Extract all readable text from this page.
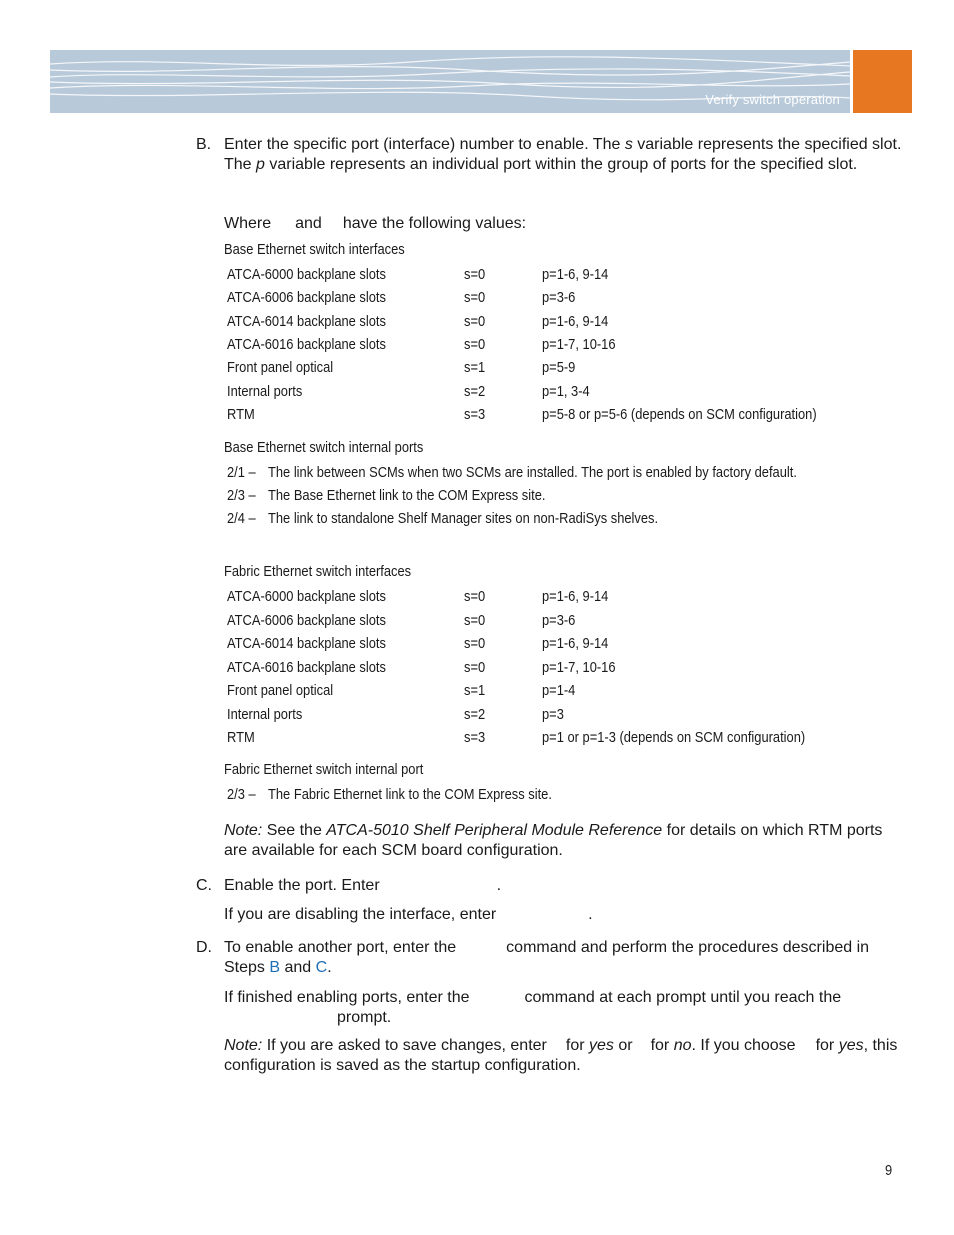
Verify switch operation
B. Enter the specific port (interface) number to enable. The s variable represents the specified slot. The p variable represents an individual port within the group of ports for the specified slot.
Where and have the following values:
Base Ethernet switch interfaces
ATCA-6000 backplane slots	s=0	p=1-6, 9-14
ATCA-6006 backplane slots	s=0	p=3-6
ATCA-6014 backplane slots	s=0	p=1-6, 9-14
ATCA-6016 backplane slots	s=0	p=1-7, 10-16
Front panel optical	s=1	p=5-9
Internal ports	s=2	p=1, 3-4
RTM	s=3	p=5-8 or p=5-6 (depends on SCM configuration)
Base Ethernet switch internal ports
2/1 – The link between SCMs when two SCMs are installed. The port is enabled by factory default.
2/3 – The Base Ethernet link to the COM Express site.
2/4 – The link to standalone Shelf Manager sites on non-RadiSys shelves.
Fabric Ethernet switch interfaces
ATCA-6000 backplane slots	s=0	p=1-6, 9-14
ATCA-6006 backplane slots	s=0	p=3-6
ATCA-6014 backplane slots	s=0	p=1-6, 9-14
ATCA-6016 backplane slots	s=0	p=1-7, 10-16
Front panel optical	s=1	p=1-4
Internal ports	s=2	p=3
RTM	s=3	p=1 or p=1-3 (depends on SCM configuration)
Fabric Ethernet switch internal port
2/3 – The Fabric Ethernet link to the COM Express site.
Note: See the ATCA-5010 Shelf Peripheral Module Reference for details on which RTM ports are available for each SCM board configuration.
C. Enable the port. Enter	.
If you are disabling the interface, enter	.
D. To enable another port, enter the	command and perform the procedures described in
Steps B and C.
If finished enabling ports, enter the	command at each prompt until you reach the
prompt.
Note: If you are asked to save changes, enter for yes or for no. If you choose for yes, this configuration is saved as the startup configuration.
9
